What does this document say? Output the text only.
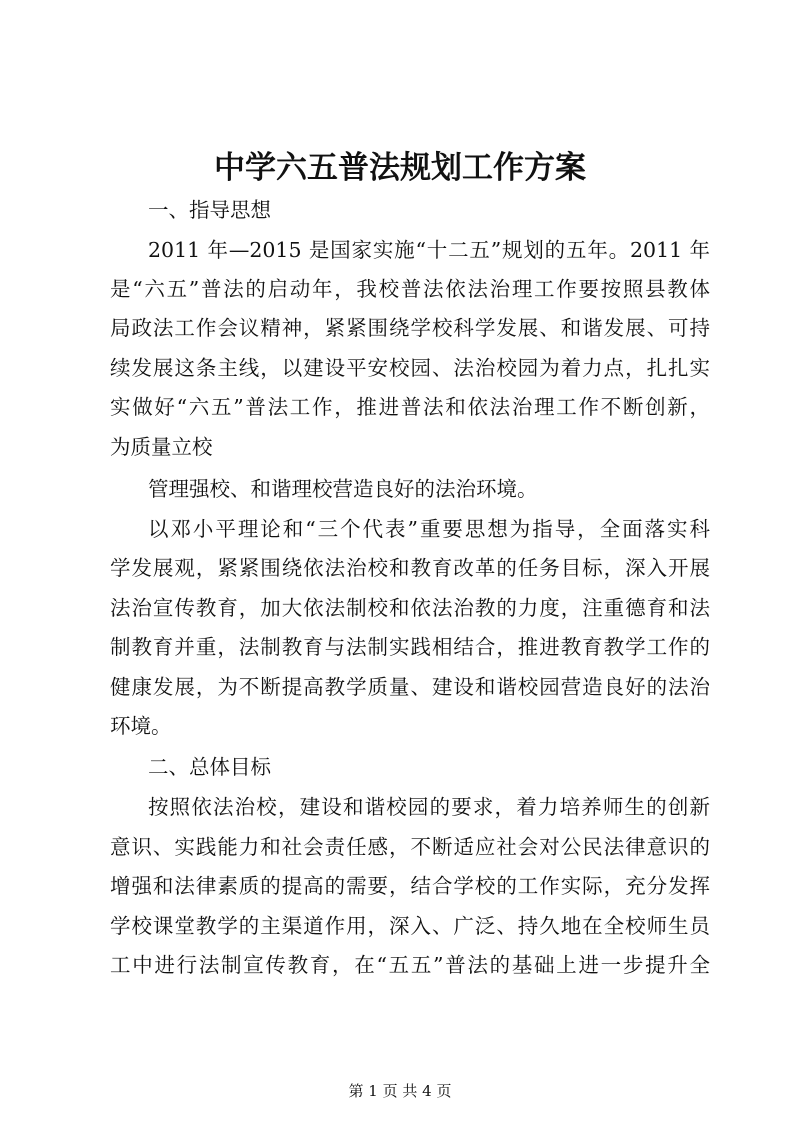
中学六五普法规划工作方案

一、指导思想

2011 年—2015 是国家实施“十二五”规划的五年。2011 年

是“六五”普法的启动年，我校普法依法治理工作要按照县教体

局政法工作会议精神，紧紧围绕学校科学发展、和谐发展、可持

续发展这条主线，以建设平安校园、法治校园为着力点，扎扎实

实做好“六五”普法工作，推进普法和依法治理工作不断创新，

为质量立校

管理强校、和谐理校营造良好的法治环境。

以邓小平理论和“三个代表”重要思想为指导，全面落实科

学发展观，紧紧围绕依法治校和教育改革的任务目标，深入开展

法治宣传教育，加大依法制校和依法治教的力度，注重德育和法

制教育并重，法制教育与法制实践相结合，推进教育教学工作的

健康发展，为不断提高教学质量、建设和谐校园营造良好的法治

环境。

二、总体目标

按照依法治校，建设和谐校园的要求，着力培养师生的创新

意识、实践能力和社会责任感，不断适应社会对公民法律意识的

增强和法律素质的提高的需要，结合学校的工作实际，充分发挥

学校课堂教学的主渠道作用，深入、广泛、持久地在全校师生员

工中进行法制宣传教育，在“五五”普法的基础上进一步提升全

第 1 页 共 4 页
